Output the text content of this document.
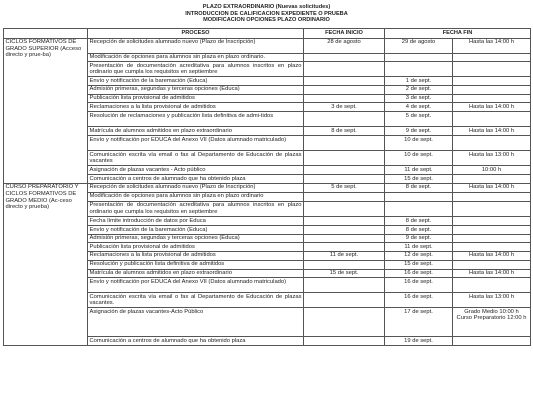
PLAZO EXTRAORDINARIO (Nuevas solicitudes)
INTRODUCCION DE CALIFICACION EXPEDIENTE O PRUEBA
MODIFICACION OPCIONES PLAZO ORDINARIO
	PROCESO	FECHA INICIO	FECHA FIN	
CICLOS FORMATIVOS DE GRADO SUPERIOR (Acceso directo y prue-ba)	Recepción de solicitudes alumnado nuevo (Plazo de Inscripción)	28 de agosto	29 de agosto	Hasta las 14:00 h
	Modificación de opciones para alumnos sin plaza en plazo ordinario.			
	Presentación de documentación acreditativa para alumnos inscritos en plazo ordinario que cumpla los requisitos en septiembre			
	Envío y notificación de la baremación (Educa)		1 de sept.	
	Admisión primeras, segundas y terceras opciones (Educa)		2 de sept.	
	Publicación lista provisional de admitidos		3 de sept.	
	Reclamaciones a la lista provisional de admitidos	3 de sept.	4 de sept.	Hasta las 14:00 h
	Resolución de reclamaciones y publicación lista definitiva de admi-tidos		5 de sept.	
	Matrícula de alumnos admitidos en plazo extraordinario	8 de sept.	9 de sept.	Hasta las 14:00 h
	Envío y notificación por EDUCA del Anexo VII (Datos alumnado matriculado)		10 de sept.	
	Comunicación escrita vía email o fax al Departamento de Educación de plazas vacantes		10 de sept.	Hasta las 13:00 h
	Asignación de plazas vacantes - Acto público		11 de sept.	10:00 h
	Comunicación a centros de alumnado que ha obtenido plaza		15 de sept.	
CURSO PREPARATORIO Y CICLOS FORMATIVOS DE GRADO MEDIO (Ac-ceso directo y prueba)	Recepción de solicitudes alumnado nuevo (Plazo de Inscripción)	5 de sept.	8 de sept.	Hasta las 14:00 h
	Modificación de opciones para alumnos sin plaza en plazo ordinario			
	Presentación de documentación acreditativa para alumnos inscritos en plazo ordinario que cumpla los requisitos en septiembre			
	Fecha límite introducción de datos por Educa		8 de sept.	
	Envío y notificación de la baremación (Educa)		8 de sept.	
	Admisión primeras, segundas y terceras opciones (Educa)		9 de sept.	
	Publicación lista provisional de admitidos		11 de sept.	
	Reclamaciones a la lista provisional de admitidos	11 de sept.	12 de sept.	Hasta las 14:00 h
	Resolución y publicación lista definitiva de admitidos		15 de sept.	
	Matrícula de alumnos admitidos en plazo extraordinario	15 de sept.	16 de sept.	Hasta las 14:00 h
	Envío y notificación por EDUCA del Anexo VII (Datos alumnado matriculado)		16 de sept.	
	Comunicación escrita vía email o fax al Departamento de Educación de plazas vacantes.		16 de sept.	Hasta las 13:00 h
	Asignación de plazas vacantes-Acto Público		17 de sept.	Grado Medio 10:00 h
Curso Preparatorio 12:00 h
	Comunicación a centros de alumnado que ha obtenido plaza		19 de sept.	
